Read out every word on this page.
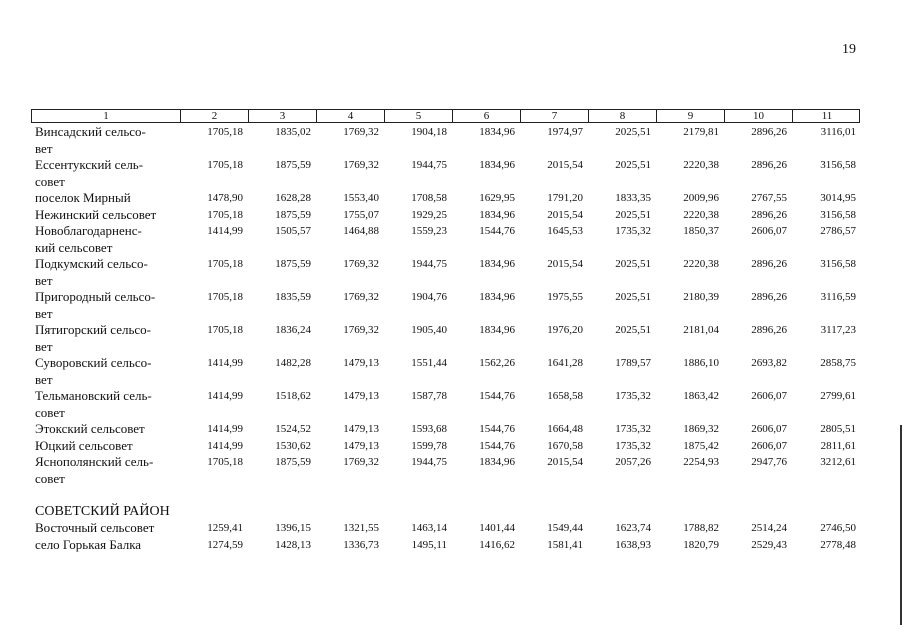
19
1	2	3	4	5	6	7	8	9	10	11
Винсадский сельсо-
вет
1705,18	1835,02	1769,32	1904,18	1834,96	1974,97	2025,51	2179,81	2896,26	3116,01
Ессентукский сель-
совет
1705,18	1875,59	1769,32	1944,75	1834,96	2015,54	2025,51	2220,38	2896,26	3156,58
поселок Мирный	1478,90	1628,28	1553,40	1708,58	1629,95	1791,20	1833,35	2009,96	2767,55	3014,95
Нежинский сельсовет	1705,18	1875,59	1755,07	1929,25	1834,96	2015,54	2025,51	2220,38	2896,26	3156,58
Новоблагодарненс-
кий сельсовет
1414,99	1505,57	1464,88	1559,23	1544,76	1645,53	1735,32	1850,37	2606,07	2786,57
Подкумский сельсо-
вет
1705,18	1875,59	1769,32	1944,75	1834,96	2015,54	2025,51	2220,38	2896,26	3156,58
Пригородный сельсо-
вет
1705,18	1835,59	1769,32	1904,76	1834,96	1975,55	2025,51	2180,39	2896,26	3116,59
Пятигорский сельсо-
вет
1705,18	1836,24	1769,32	1905,40	1834,96	1976,20	2025,51	2181,04	2896,26	3117,23
Суворовский сельсо-
вет
1414,99	1482,28	1479,13	1551,44	1562,26	1641,28	1789,57	1886,10	2693,82	2858,75
Тельмановский сель-
совет
1414,99	1518,62	1479,13	1587,78	1544,76	1658,58	1735,32	1863,42	2606,07	2799,61
Этокский сельсовет	1414,99	1524,52	1479,13	1593,68	1544,76	1664,48	1735,32	1869,32	2606,07	2805,51
Юцкий сельсовет	1414,99	1530,62	1479,13	1599,78	1544,76	1670,58	1735,32	1875,42	2606,07	2811,61
Яснополянский сель-
совет
1705,18	1875,59	1769,32	1944,75	1834,96	2015,54	2057,26	2254,93	2947,76	3212,61
СОВЕТСКИЙ РАЙОН
Восточный сельсовет	1259,41	1396,15	1321,55	1463,14	1401,44	1549,44	1623,74	1788,82	2514,24	2746,50
село Горькая Балка	1274,59	1428,13	1336,73	1495,11	1416,62	1581,41	1638,93	1820,79	2529,43	2778,48
